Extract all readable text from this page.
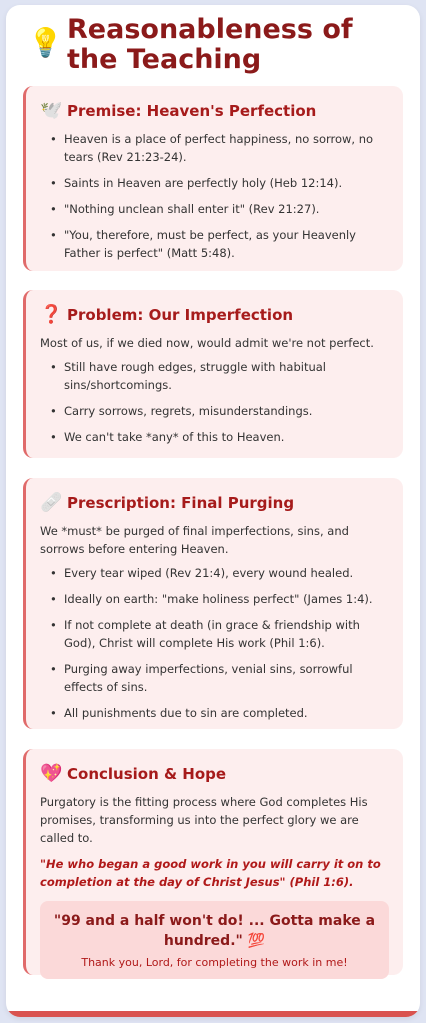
💡 Reasonableness of the Teaching
🕊️ Premise: Heaven's Perfection
• Heaven is a place of perfect happiness, no sorrow, no tears (Rev 21:23-24).
• Saints in Heaven are perfectly holy (Heb 12:14).
• "Nothing unclean shall enter it" (Rev 21:27).
• "You, therefore, must be perfect, as your Heavenly Father is perfect" (Matt 5:48).
❓ Problem: Our Imperfection
Most of us, if we died now, would admit we're not perfect.
• Still have rough edges, struggle with habitual sins/shortcomings.
• Carry sorrows, regrets, misunderstandings.
• We can't take *any* of this to Heaven.
🩹 Prescription: Final Purging
We *must* be purged of final imperfections, sins, and sorrows before entering Heaven.
• Every tear wiped (Rev 21:4), every wound healed.
• Ideally on earth: "make holiness perfect" (James 1:4).
• If not complete at death (in grace & friendship with God), Christ will complete His work (Phil 1:6).
• Purging away imperfections, venial sins, sorrowful effects of sins.
• All punishments due to sin are completed.
💖 Conclusion & Hope
Purgatory is the fitting process where God completes His promises, transforming us into the perfect glory we are called to.
"He who began a good work in you will carry it on to completion at the day of Christ Jesus" (Phil 1:6).
"99 and a half won't do! ... Gotta make a hundred." 💯
Thank you, Lord, for completing the work in me!
